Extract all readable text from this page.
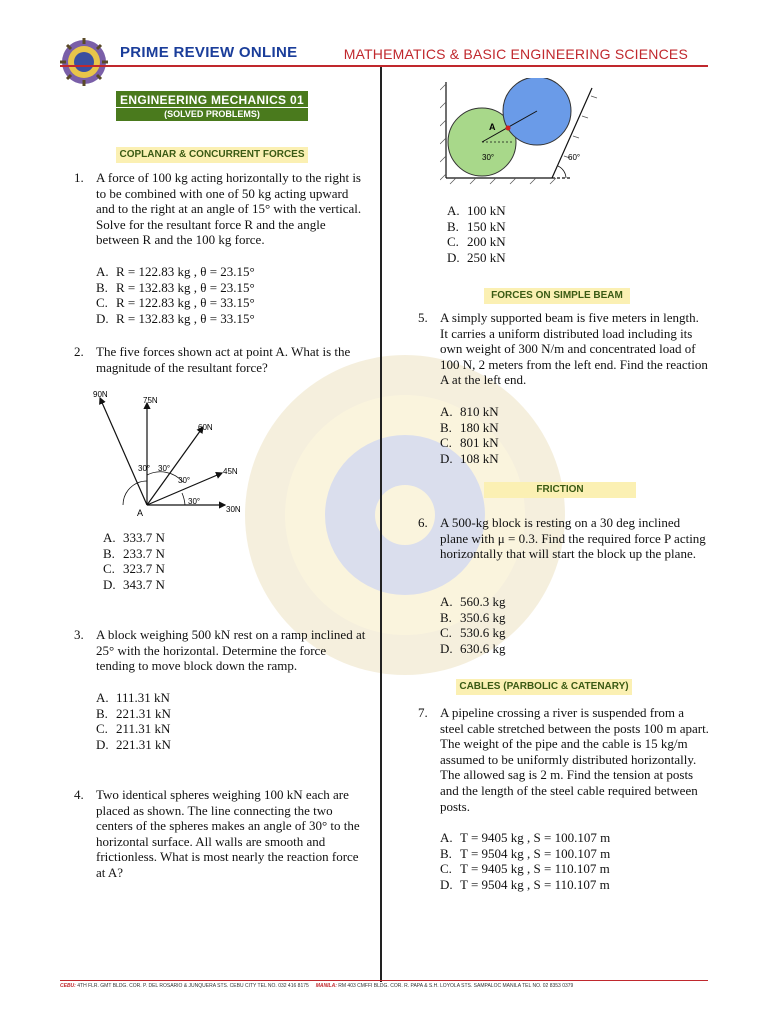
PRIME REVIEW ONLINE	MATHEMATICS & BASIC ENGINEERING SCIENCES
ENGINEERING MECHANICS 01
(SOLVED PROBLEMS)
COPLANAR & CONCURRENT FORCES
1. A force of 100 kg acting horizontally to the right is to be combined with one of 50 kg acting upward and to the right at an angle of 15° with the vertical. Solve for the resultant force R and the angle between R and the 100 kg force.
A. R = 122.83 kg , θ = 23.15°
B. R = 132.83 kg , θ = 23.15°
C. R = 122.83 kg , θ = 33.15°
D. R = 132.83 kg , θ = 33.15°
2. The five forces shown act at point A. What is the magnitude of the resultant force?
90N
75N
60N
45N
30N
30° 30°
30°
30°
A
A. 333.7 N
B. 233.7 N
C. 323.7 N
D. 343.7 N
3. A block weighing 500 kN rest on a ramp inclined at 25° with the horizontal. Determine the force tending to move block down the ramp.
A. 111.31 kN
B. 221.31 kN
C. 211.31 kN
D. 221.31 kN
4. Two identical spheres weighing 100 kN each are placed as shown. The line connecting the two centers of the spheres makes an angle of 30° to the horizontal surface. All walls are smooth and frictionless. What is most nearly the reaction force at A?
A
30°	60°
A. 100 kN
B. 150 kN
C. 200 kN
D. 250 kN
FORCES ON SIMPLE BEAM
5. A simply supported beam is five meters in length. It carries a uniform distributed load including its own weight of 300 N/m and concentrated load of 100 N, 2 meters from the left end. Find the reaction A at the left end.
A. 810 kN
B. 180 kN
C. 801 kN
D. 108 kN
FRICTION
6. A 500-kg block is resting on a 30 deg inclined plane with μ = 0.3. Find the required force P acting horizontally that will start the block up the plane.
A. 560.3 kg
B. 350.6 kg
C. 530.6 kg
D. 630.6 kg
CABLES (PARBOLIC & CATENARY)
7. A pipeline crossing a river is suspended from a steel cable stretched between the posts 100 m apart. The weight of the pipe and the cable is 15 kg/m assumed to be uniformly distributed horizontally. The allowed sag is 2 m. Find the tension at posts and the length of the steel cable required between posts.
A. T = 9405 kg , S = 100.107 m
B. T = 9504 kg , S = 100.107 m
C. T = 9405 kg , S = 110.107 m
D. T = 9504 kg , S = 110.107 m
CEBU: 4TH FLR. GMT BLDG. COR. P. DEL ROSARIO & JUNQUERA STS. CEBU CITY TEL NO. 032 416 8175 MANILA: RM 403 CMFFI BLDG. COR. R. PAPA & S.H. LOYOLA STS. SAMPALOC MANILA TEL NO. 02 8353 0379
